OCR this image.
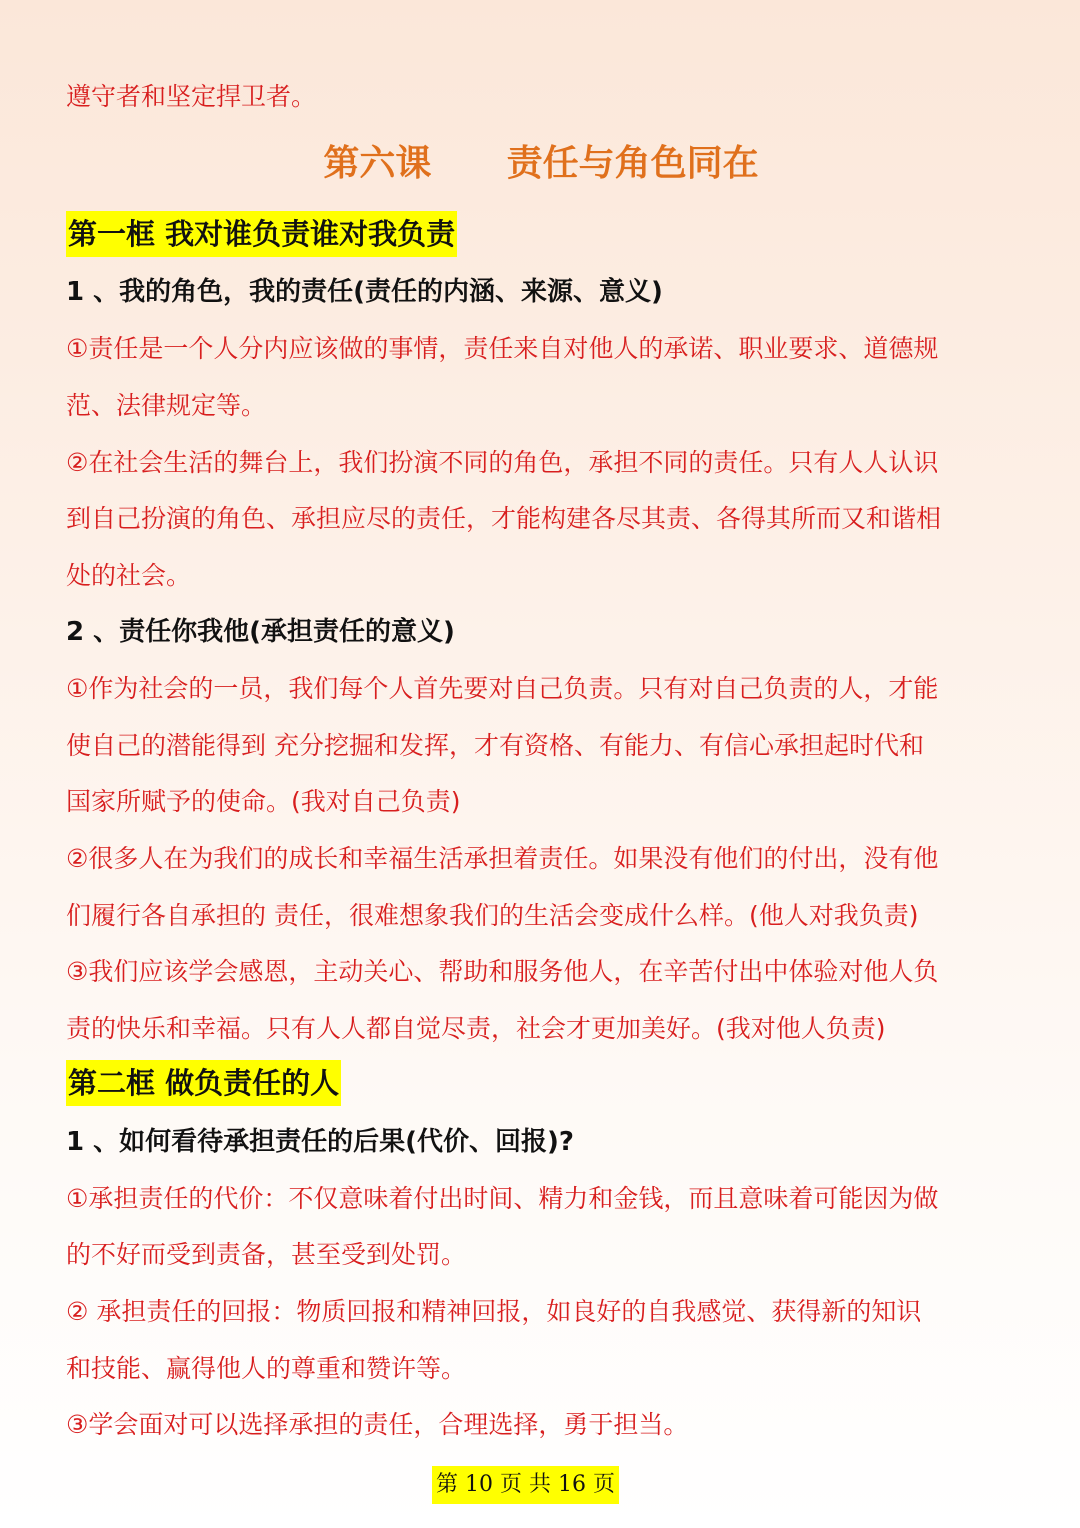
遵守者和坚定捍卫者。
第六课      责任与角色同在
第一框 我对谁负责谁对我负责
1 、我的角色，我的责任(责任的内涵、来源、意义)
①责任是一个人分内应该做的事情，责任来自对他人的承诺、职业要求、道德规
范、法律规定等。
②在社会生活的舞台上，我们扮演不同的角色，承担不同的责任。只有人人认识
到自己扮演的角色、承担应尽的责任，才能构建各尽其责、各得其所而又和谐相
处的社会。
2 、责任你我他(承担责任的意义)
①作为社会的一员，我们每个人首先要对自己负责。只有对自己负责的人，才能
使自己的潜能得到 充分挖掘和发挥，才有资格、有能力、有信心承担起时代和
国家所赋予的使命。(我对自己负责)
②很多人在为我们的成长和幸福生活承担着责任。如果没有他们的付出，没有他
们履行各自承担的 责任，很难想象我们的生活会变成什么样。(他人对我负责)
③我们应该学会感恩，主动关心、帮助和服务他人，在辛苦付出中体验对他人负
责的快乐和幸福。只有人人都自觉尽责，社会才更加美好。(我对他人负责)
第二框 做负责任的人
1 、如何看待承担责任的后果(代价、回报)?
①承担责任的代价：不仅意味着付出时间、精力和金钱，而且意味着可能因为做
的不好而受到责备，甚至受到处罚。
② 承担责任的回报：物质回报和精神回报，如良好的自我感觉、获得新的知识
和技能、赢得他人的尊重和赞许等。
③学会面对可以选择承担的责任，合理选择，勇于担当。
第 10 页 共 16 页
